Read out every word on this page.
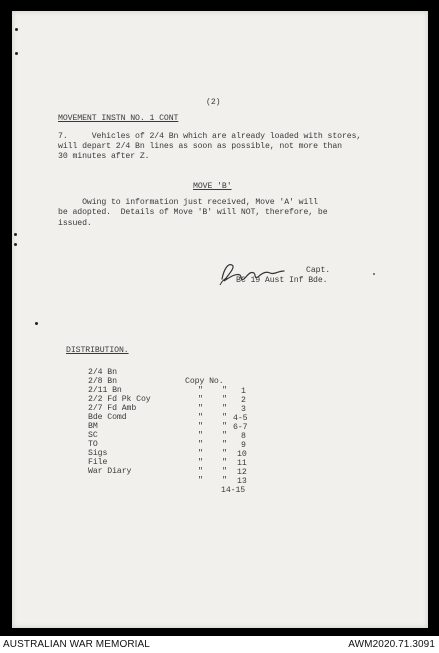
(2)
MOVEMENT INSTN NO. 1 CONT
7.     Vehicles of 2/4 Bn which are already loaded with stores,
will depart 2/4 Bn lines as soon as possible, not more than
30 minutes after Z.
MOVE 'B'
Owing to information just received, Move 'A' will
be adopted.  Details of Move 'B' will NOT, therefore, be
issued.
Capt.
BC 19 Aust Inf Bde.
DISTRIBUTION.

2/4 Bn

Copy No.

1

2/8 Bn

"    "

2

2/11 Bn

"    "

3

2/2 Fd Pk Coy

"    "

4-5

2/7 Fd Amb

"    "

6-7

Bde Comd

"    "

8

BM

"    "

9

SC

"    "

10

TO

"    "

11

Sigs

"    "

12

File

"    "

13

War Diary

"    "

14-15

AUSTRALIAN WAR MEMORIAL	AWM2020.71.3091
